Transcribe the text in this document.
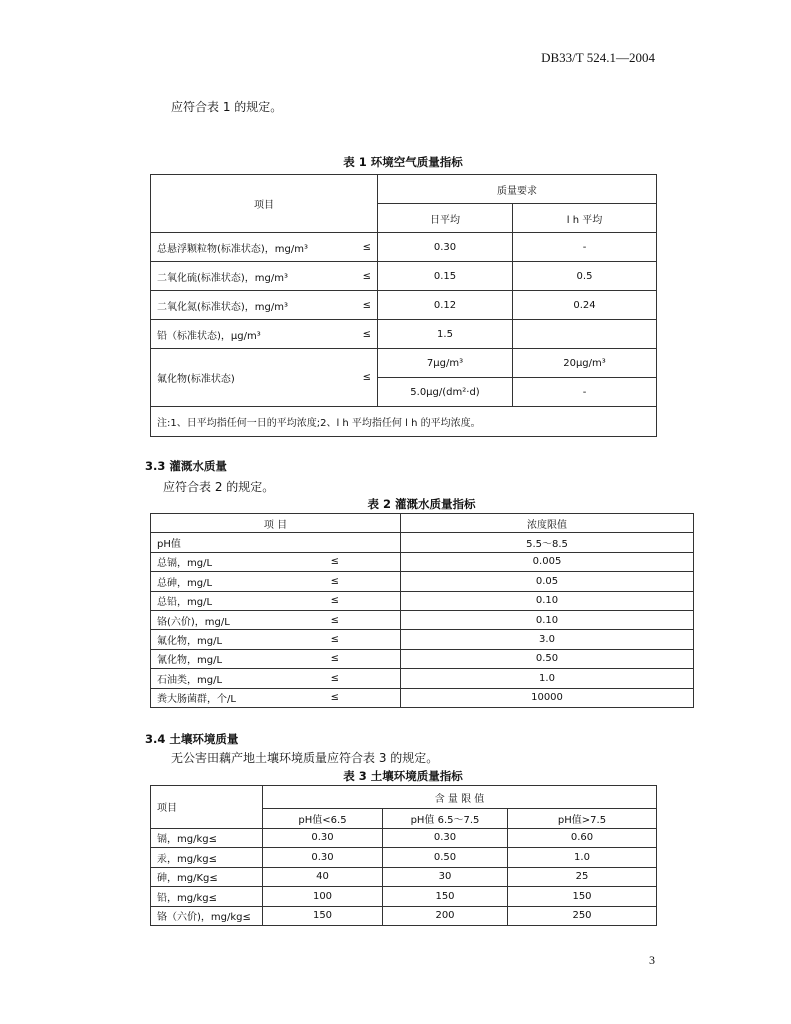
DB33/T 524.1—2004
应符合表 1 的规定。
表 1 环境空气质量指标
项目	质量要求	
	日平均	l h 平均

总悬浮颗粒物(标准状态)，mg/m³ ≤	0.30	-

二氧化硫(标准状态)，mg/m³ ≤	0.15	0.5

二氧化氮(标准状态)，mg/m³ ≤	0.12	0.24

铅（标准状态)，μg/m³ ≤	1.5	

氟化物(标准状态) ≤	7μg/m³	20μg/m³
	5.0μg/(dm²·d)	-
注:1、日平均指任何一日的平均浓度;2、l h 平均指任何 l h 的平均浓度。		
3.3 灌溉水质量
应符合表 2 的规定。
表 2 灌溉水质量指标
项 目	浓度限值

pH值	5.5～8.5

总镉，mg/L ≤	0.005

总砷，mg/L ≤	0.05

总铅，mg/L ≤	0.10

铬(六价)，mg/L ≤	0.10

氟化物，mg/L ≤	3.0

氰化物，mg/L ≤	0.50

石油类，mg/L ≤	1.0

粪大肠菌群，个/L ≤	10000
3.4 土壤环境质量
无公害田藕产地土壤环境质量应符合表 3 的规定。
表 3 土壤环境质量指标
项目	含 量 限 值		
	pH值<6.5	pH值 6.5～7.5	pH值>7.5
镉，mg/kg≤	0.30	0.30	0.60
汞，mg/kg≤	0.30	0.50	1.0
砷，mg/Kg≤	40	30	25
铅，mg/kg≤	100	150	150
铬（六价)，mg/kg≤	150	200	250
3
